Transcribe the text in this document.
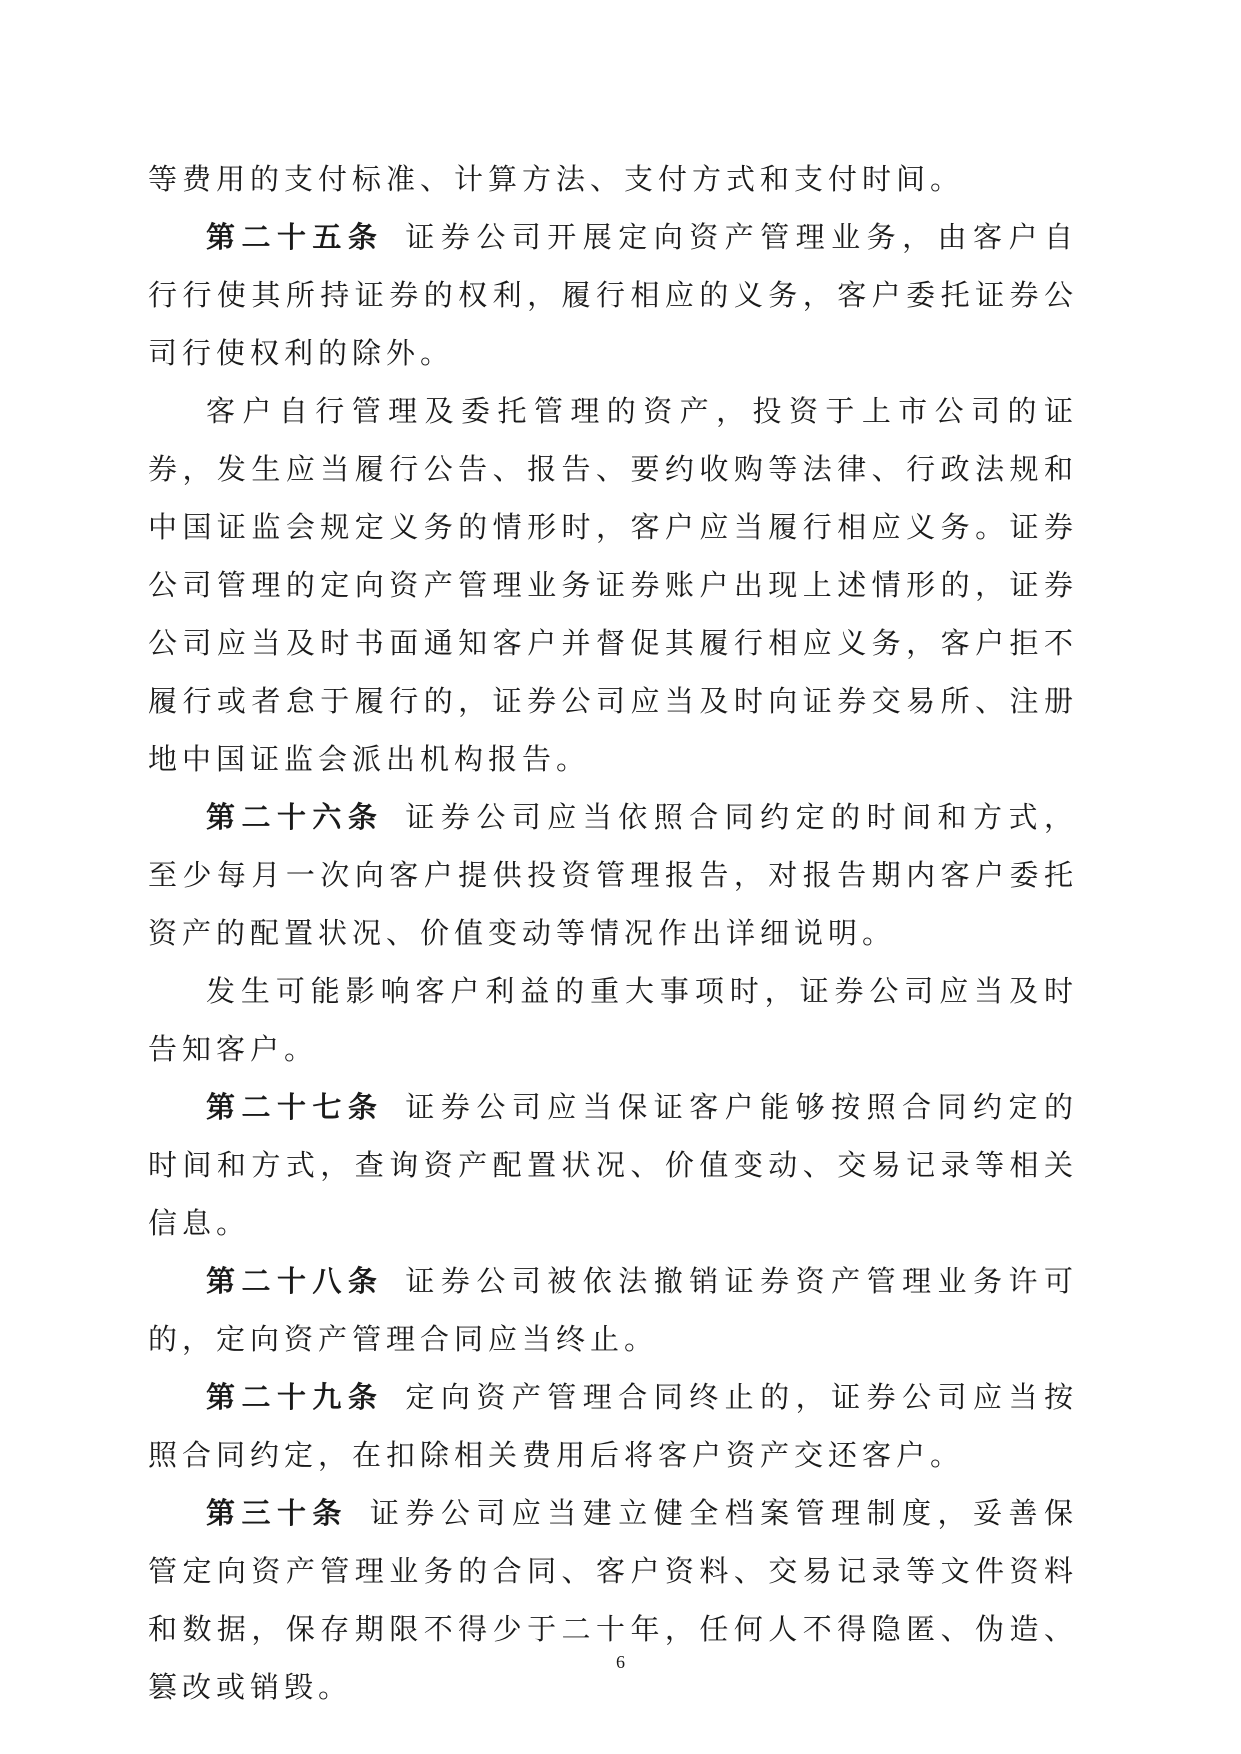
等费用的支付标准、计算方法、支付方式和支付时间。

第二十五条 证券公司开展定向资产管理业务，由客户自行行使其所持证券的权利，履行相应的义务，客户委托证券公司行使权利的除外。

客户自行管理及委托管理的资产，投资于上市公司的证券，发生应当履行公告、报告、要约收购等法律、行政法规和中国证监会规定义务的情形时，客户应当履行相应义务。证券公司管理的定向资产管理业务证券账户出现上述情形的，证券公司应当及时书面通知客户并督促其履行相应义务，客户拒不履行或者怠于履行的，证券公司应当及时向证券交易所、注册地中国证监会派出机构报告。

第二十六条 证券公司应当依照合同约定的时间和方式，至少每月一次向客户提供投资管理报告，对报告期内客户委托资产的配置状况、价值变动等情况作出详细说明。

发生可能影响客户利益的重大事项时，证券公司应当及时告知客户。

第二十七条 证券公司应当保证客户能够按照合同约定的时间和方式，查询资产配置状况、价值变动、交易记录等相关信息。

第二十八条 证券公司被依法撤销证券资产管理业务许可的，定向资产管理合同应当终止。

第二十九条 定向资产管理合同终止的，证券公司应当按照合同约定，在扣除相关费用后将客户资产交还客户。

第三十条 证券公司应当建立健全档案管理制度，妥善保管定向资产管理业务的合同、客户资料、交易记录等文件资料和数据，保存期限不得少于二十年，任何人不得隐匿、伪造、篡改或销毁。

6
